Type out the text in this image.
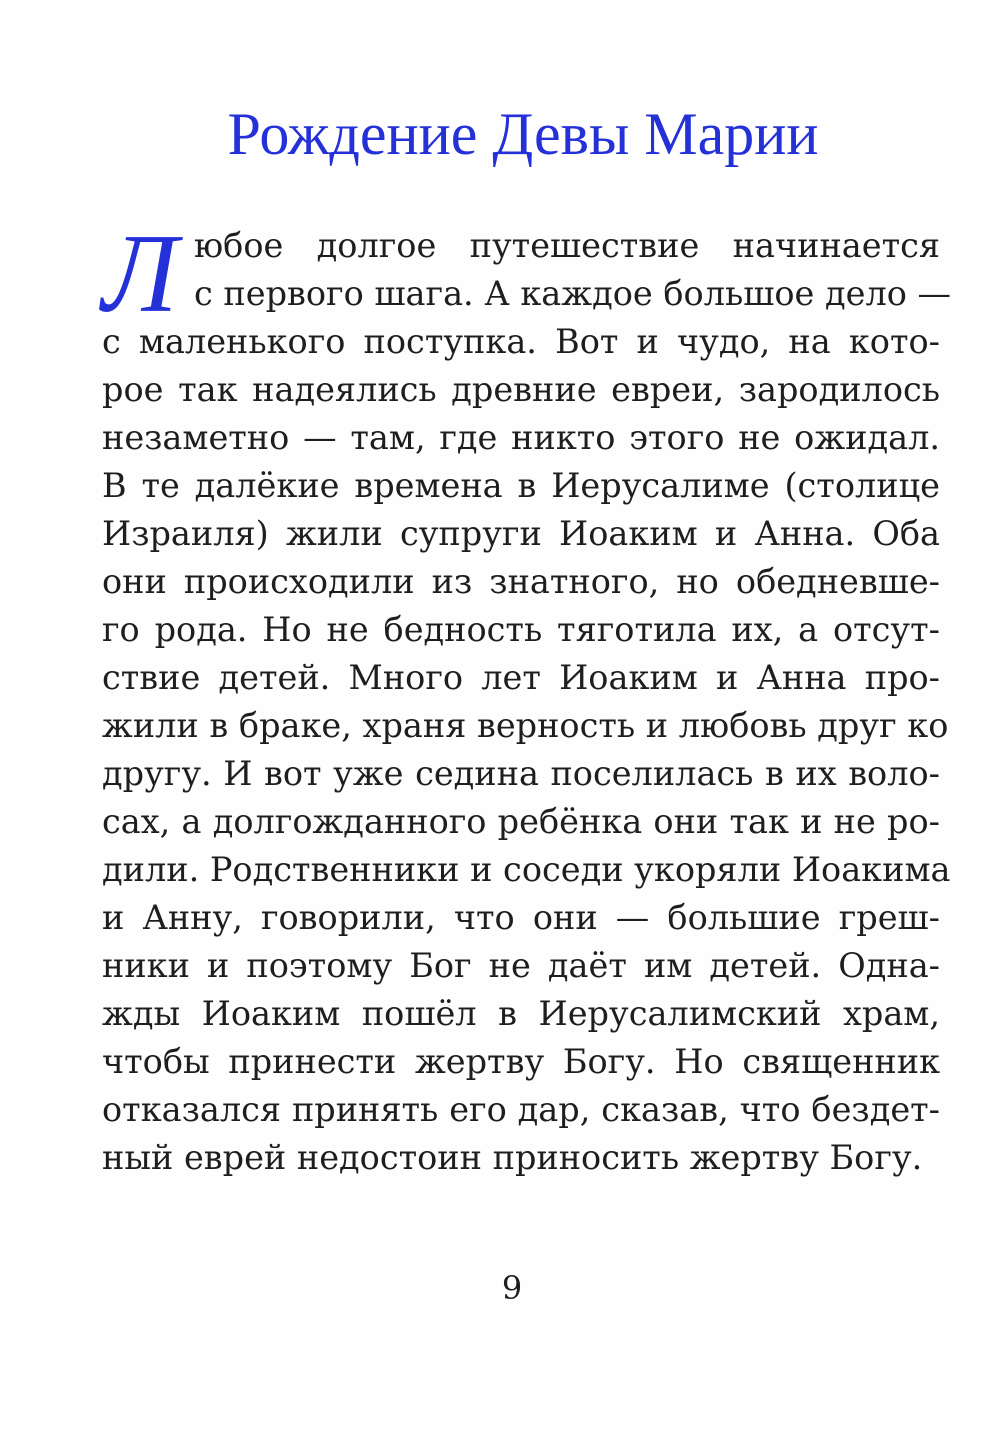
Рождение Девы Марии
Л юбое долгое путешествие начинается
с первого шага. А каждое большое дело —
с маленького поступка. Вот и чудо, на кото-
рое так надеялись древние евреи, зародилось
незаметно — там, где никто этого не ожидал.
В те далёкие времена в Иерусалиме (столице
Израиля) жили супруги Иоаким и Анна. Оба
они происходили из знатного, но обедневше-
го рода. Но не бедность тяготила их, а отсут-
ствие детей. Много лет Иоаким и Анна про-
жили в браке, храня верность и любовь друг ко
другу. И вот уже седина поселилась в их воло-
сах, а долгожданного ребёнка они так и не ро-
дили. Родственники и соседи укоряли Иоакима
и Анну, говорили, что они — большие греш-
ники и поэтому Бог не даёт им детей. Одна-
жды Иоаким пошёл в Иерусалимский храм,
чтобы принести жертву Богу. Но священник
отказался принять его дар, сказав, что бездет-
ный еврей недостоин приносить жертву Богу.
9
